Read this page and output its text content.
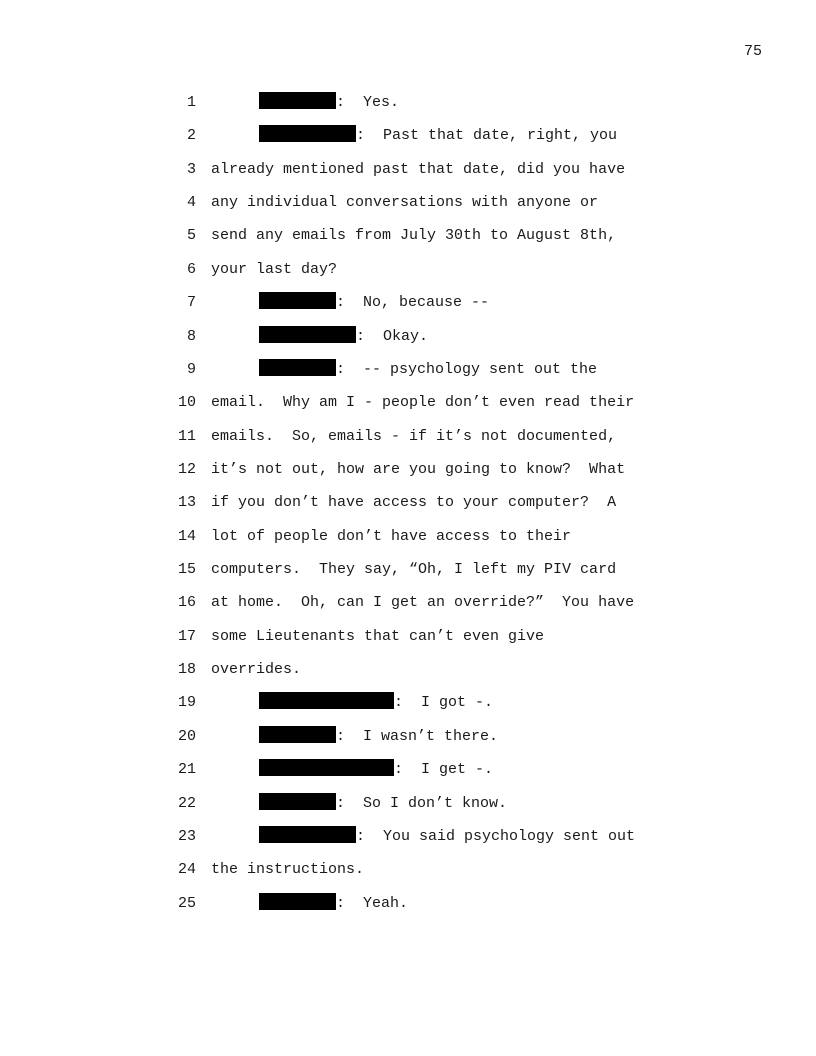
75

1

	:  Yes.

2

	:  Past that date, right, you

3

already mentioned past that date, did you have

4

any individual conversations with anyone or

5

send any emails from July 30th to August 8th,

6

your last day?

7

	:  No, because --

8

	:  Okay.

9

	:  -- psychology sent out the

10

email.  Why am I - people don’t even read their

11

emails.  So, emails - if it’s not documented,

12

it’s not out, how are you going to know?  What

13

if you don’t have access to your computer?  A

14

lot of people don’t have access to their

15

computers.  They say, “Oh, I left my PIV card

16

at home.  Oh, can I get an override?”  You have

17

some Lieutenants that can’t even give

18

overrides.

19

	:  I got -.

20

	:  I wasn’t there.

21

	:  I get -.

22

	:  So I don’t know.

23

	:  You said psychology sent out

24

the instructions.

25

	:  Yeah.
